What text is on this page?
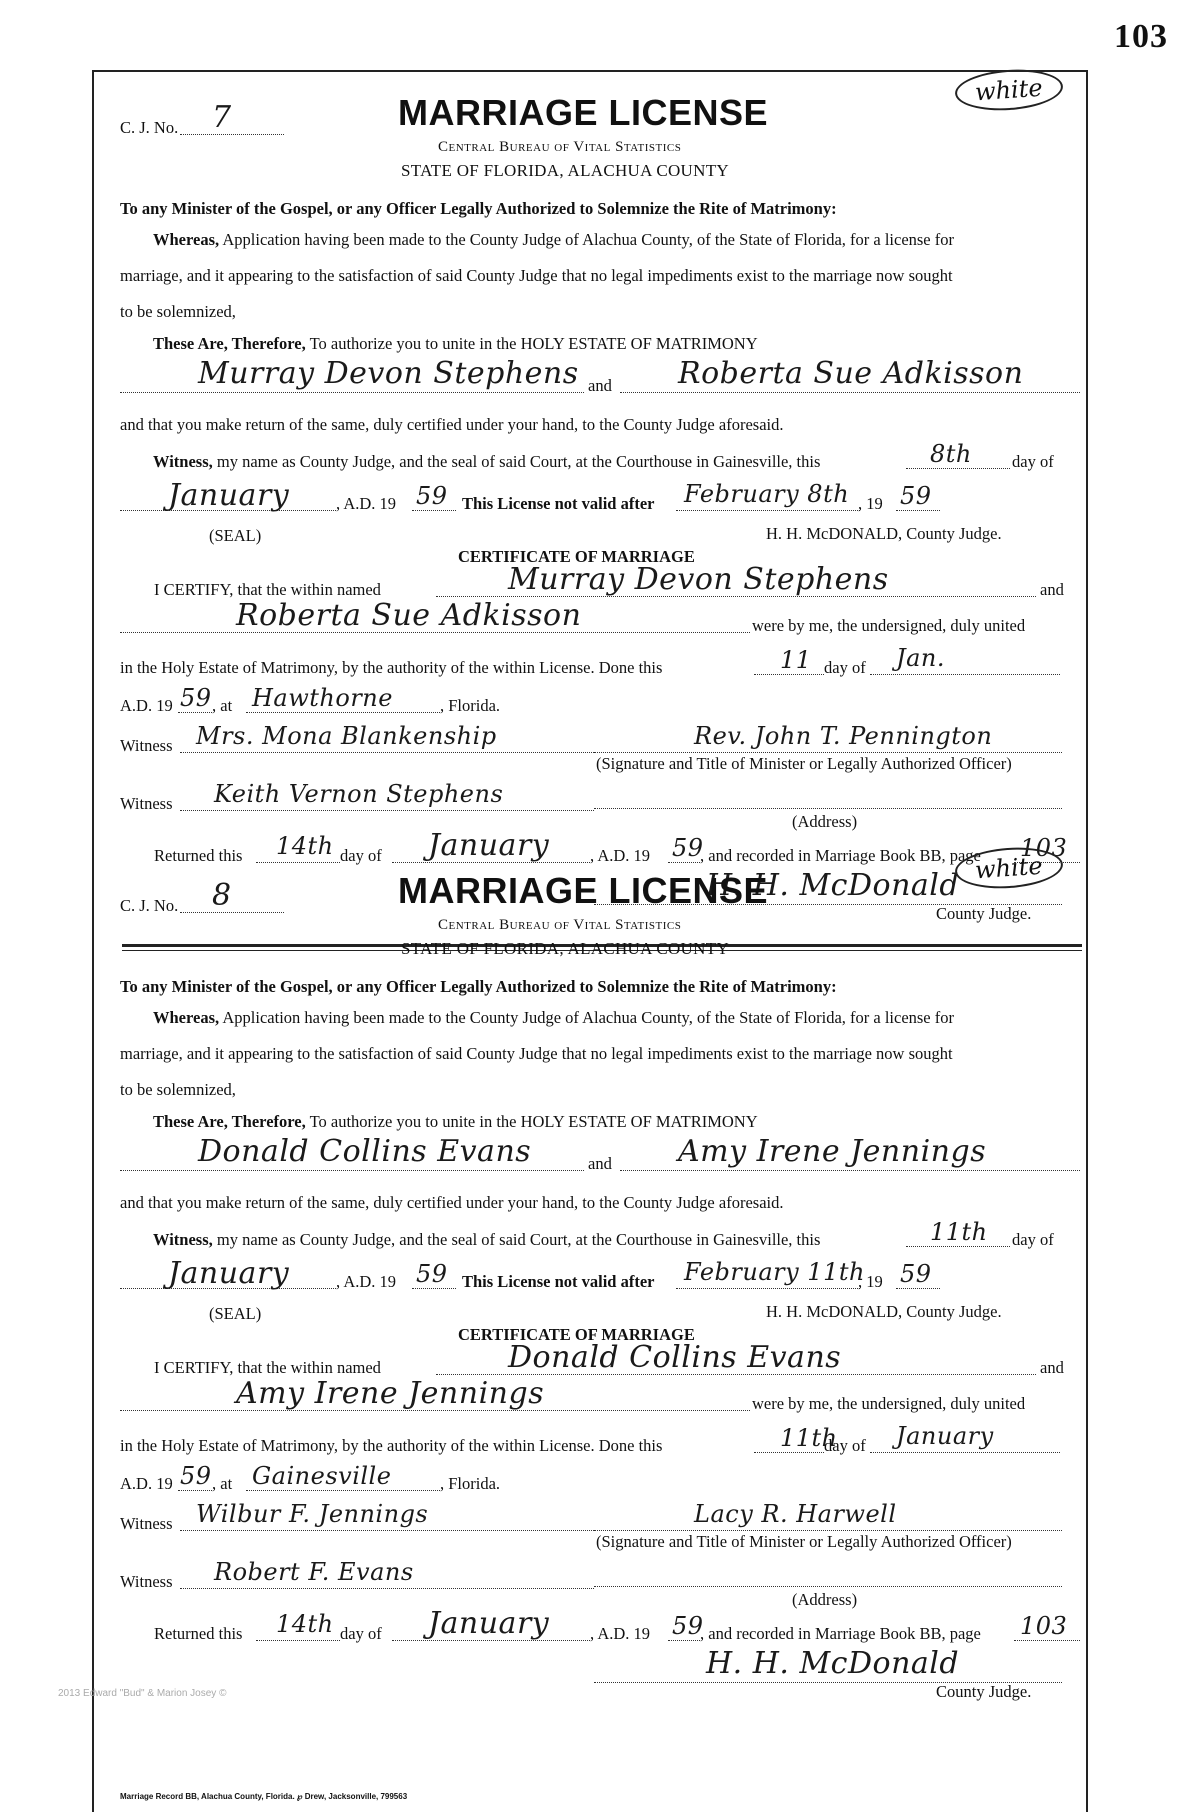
103
white
C. J. No. 7	MARRIAGE LICENSE
Central Bureau of Vital Statistics
STATE OF FLORIDA, ALACHUA COUNTY
To any Minister of the Gospel, or any Officer Legally Authorized to Solemnize the Rite of Matrimony:
Whereas, Application having been made to the County Judge of Alachua County, of the State of Florida, for a license for
marriage, and it appearing to the satisfaction of said County Judge that no legal impediments exist to the marriage now sought
to be solemnized,
These Are, Therefore, To authorize you to unite in the HOLY ESTATE OF MATRIMONY
Murray Devon Stephens and Roberta Sue Adkisson
and that you make return of the same, duly certified under your hand, to the County Judge aforesaid.
Witness, my name as County Judge, and the seal of said Court, at the Courthouse in Gainesville, this	8th day of
January	, A.D. 19 59 This License not valid after February 8th , 19 59
(SEAL)	H. H. McDONALD, County Judge.
CERTIFICATE OF MARRIAGE
I CERTIFY, that the within named	Murray Devon Stephens	and
Roberta Sue Adkisson	were by me, the undersigned, duly united
in the Holy Estate of Matrimony, by the authority of the within License. Done this	11 day of Jan.
A.D. 19 59 , at Hawthorne	, Florida.
Witness Mrs. Mona Blankenship	Rev. John T. Pennington
(Signature and Title of Minister or Legally Authorized Officer)
Witness Keith Vernon Stephens
(Address)
Returned this 14th day of January , A.D. 19 59
, and recorded in Marriage Book BB, page 103
H. H. McDonald
County Judge.
white
C. J. No. 8	MARRIAGE LICENSE
Central Bureau of Vital Statistics
STATE OF FLORIDA, ALACHUA COUNTY
To any Minister of the Gospel, or any Officer Legally Authorized to Solemnize the Rite of Matrimony:
Whereas, Application having been made to the County Judge of Alachua County, of the State of Florida, for a license for
marriage, and it appearing to the satisfaction of said County Judge that no legal impediments exist to the marriage now sought
to be solemnized,
These Are, Therefore, To authorize you to unite in the HOLY ESTATE OF MATRIMONY
Donald Collins Evans	and Amy Irene Jennings
and that you make return of the same, duly certified under your hand, to the County Judge aforesaid.
Witness, my name as County Judge, and the seal of said Court, at the Courthouse in Gainesville, this	11th day of
January	, A.D. 19 59 This License not valid after February 11th
, 19 59
(SEAL)	H. H. McDONALD, County Judge.
CERTIFICATE OF MARRIAGE
I CERTIFY, that the within named	Donald Collins Evans	and
Amy Irene Jennings	were by me, the undersigned, duly united
in the Holy Estate of Matrimony, by the authority of the within License. Done this	11th
day of January
A.D. 19 59 , at Gainesville	, Florida.
Witness Wilbur F. Jennings	Lacy R. Harwell
(Signature and Title of Minister or Legally Authorized Officer)
Witness Robert F. Evans
(Address)
Returned this 14th day of January , A.D. 19 59
, and recorded in Marriage Book BB, page 103
H. H. McDonald
County Judge.
2013 Edward "Bud" & Marion Josey ©
Marriage Record BB, Alachua County, Florida. ℘ Drew, Jacksonville, 799563
